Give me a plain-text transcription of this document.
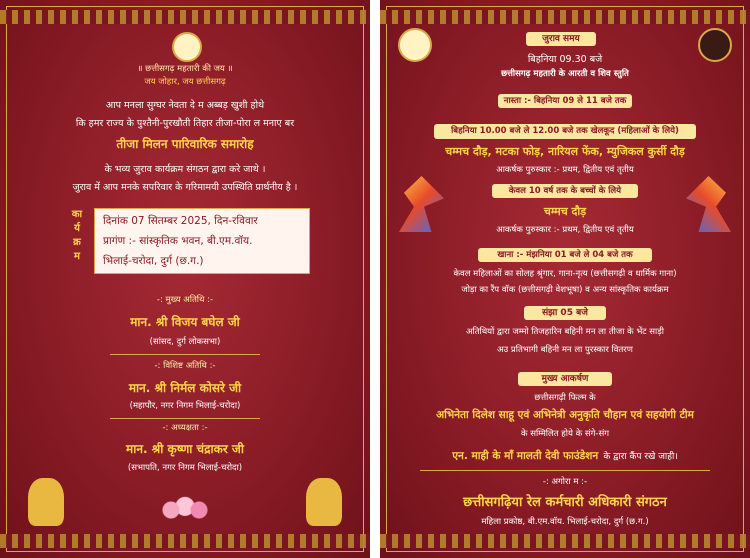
॥ छत्तीसगढ़ महतारी की जय ॥
जय जोहार, जय छत्तीसगढ़
आप मनला सुग्घर नेवता दे म अब्बड़ खुशी होथे
कि हमर राज्य के पुश्तैनी-पुरखौती तिहार तीजा-पोरा ल मनाए बर
तीजा मिलन पारिवारिक समारोह
के भव्य जुराव कार्यक्रम संगठन द्वारा करे जाथे ।
जुराव में आप मनके सपरिवार के गरिमामयी उपस्थिति प्रार्थनीय है ।
का
र्य
क्र
म
दिनांक 07 सितम्बर 2025, दिन-रविवार
प्रागंण :- सांस्कृतिक भवन, बी.एम.वॉय.
भिलाई-चरोदा, दुर्ग (छ.ग.)
-: मुख्य अतिथि :-
मान. श्री विजय बघेल जी
(सांसद, दुर्ग लोकसभा)
-: विशिष्ट अतिथि :-
मान. श्री निर्मल कोसरे जी
(महापौर, नगर निगम भिलाई-चरोदा)
-: अध्यक्षता :-
मान. श्री कृष्णा चंद्राकर जी
(सभापति, नगर निगम भिलाई-चरोदा)
जुराव समय
बिहनिया 09.30 बजे
छत्तीसगढ़ महतारी के आरती व शिव स्तुति
नास्ता :- बिहनिया 09 ले 11 बजे तक
बिहनिया 10.00 बजे ले 12.00 बजे तक खेलकूद (महिलाओं के लिये)
चम्मच दौड़, मटका फोड़, नारियल फेंक, म्युजिकल कुर्सी दौड़
आकर्षक पुरुस्कार :- प्रथम, द्वितीय एवं तृतीय
केवल 10 वर्ष तक के बच्चों के लिये
चम्मच दौड़
आकर्षक पुरुस्कार :- प्रथम, द्वितीय एवं तृतीय
खाना :- मंझनिया 01 बजे ले 04 बजे तक
केवल महिलाओं का सोलह श्रृंगार, गाना-नृत्य (छत्तीसगढ़ी व धार्मिक गाना)
जोड़ा का रैंप वॉक (छत्तीसगढ़ी वेशभूषा) व अन्य सांस्कृतिक कार्यक्रम
संझा 05 बजे
अतिथियों द्वारा जम्मो तिजहारिन बहिनी मन ला तीजा के भेंट साड़ी
अउ प्रतिभागी बहिनी मन ला पुरस्कार वितरण
मुख्य आकर्षण
छत्तीसगढ़ी फिल्म के
अभिनेता दिलेश साहू एवं अभिनेत्री अनुकृति चौहान एवं सहयोगी टीम
के सम्मिलित होये के संगे-संग
एन. माही के माँ मालती देवी फाउंडेशन के द्वारा कैंप रखे जाही।
-: अगोरा म :-
छत्तीसगढ़िया रेल कर्मचारी अधिकारी संगठन
महिला प्रकोष्ठ, बी.एम.वॉय. भिलाई-चरोदा, दुर्ग (छ.ग.)
